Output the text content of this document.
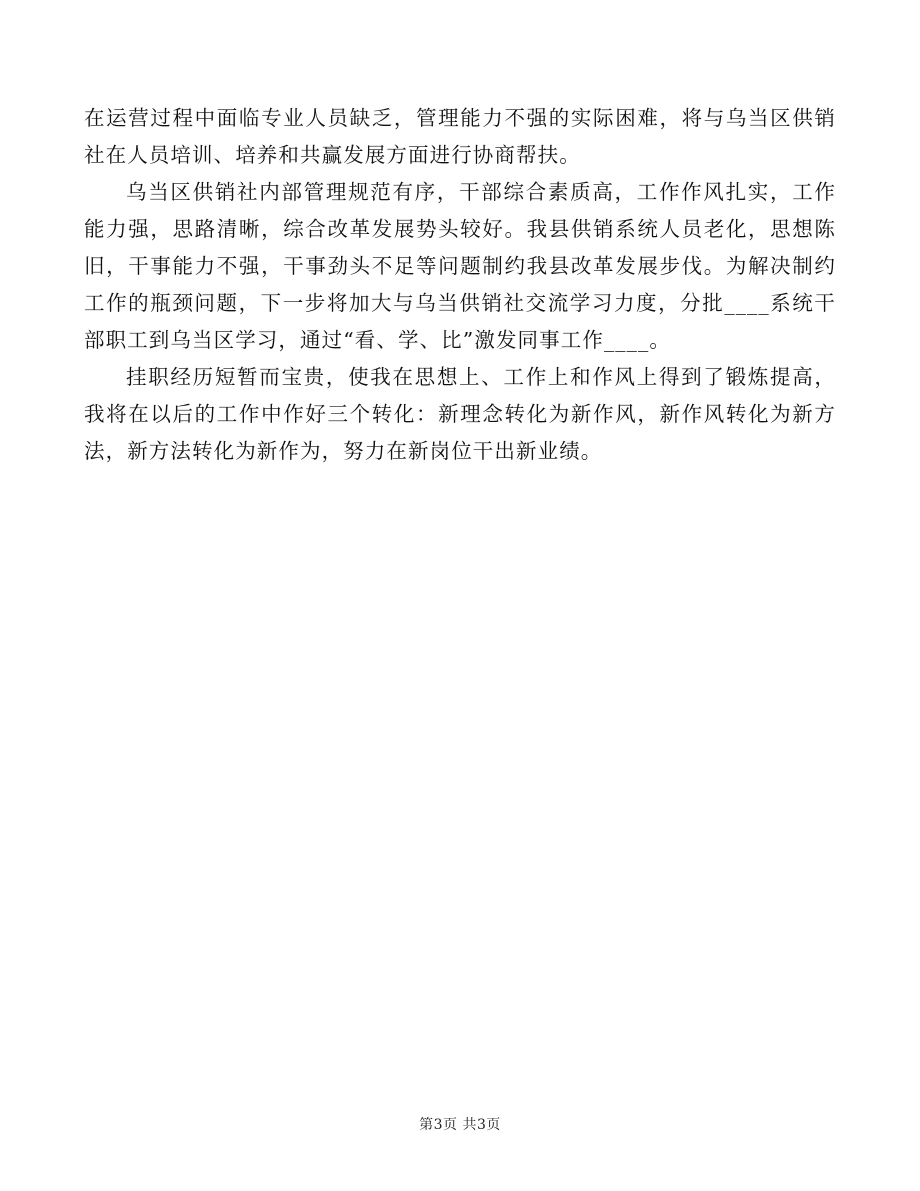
在运营过程中面临专业人员缺乏，管理能力不强的实际困难，将与乌当区供销社在人员培训、培养和共赢发展方面进行协商帮扶。

乌当区供销社内部管理规范有序，干部综合素质高，工作作风扎实，工作能力强，思路清晰，综合改革发展势头较好。我县供销系统人员老化，思想陈旧，干事能力不强，干事劲头不足等问题制约我县改革发展步伐。为解决制约工作的瓶颈问题，下一步将加大与乌当供销社交流学习力度，分批____系统干部职工到乌当区学习，通过“看、学、比”激发同事工作____。

挂职经历短暂而宝贵，使我在思想上、工作上和作风上得到了锻炼提高，我将在以后的工作中作好三个转化：新理念转化为新作风，新作风转化为新方法，新方法转化为新作为，努力在新岗位干出新业绩。

第3页 共3页
